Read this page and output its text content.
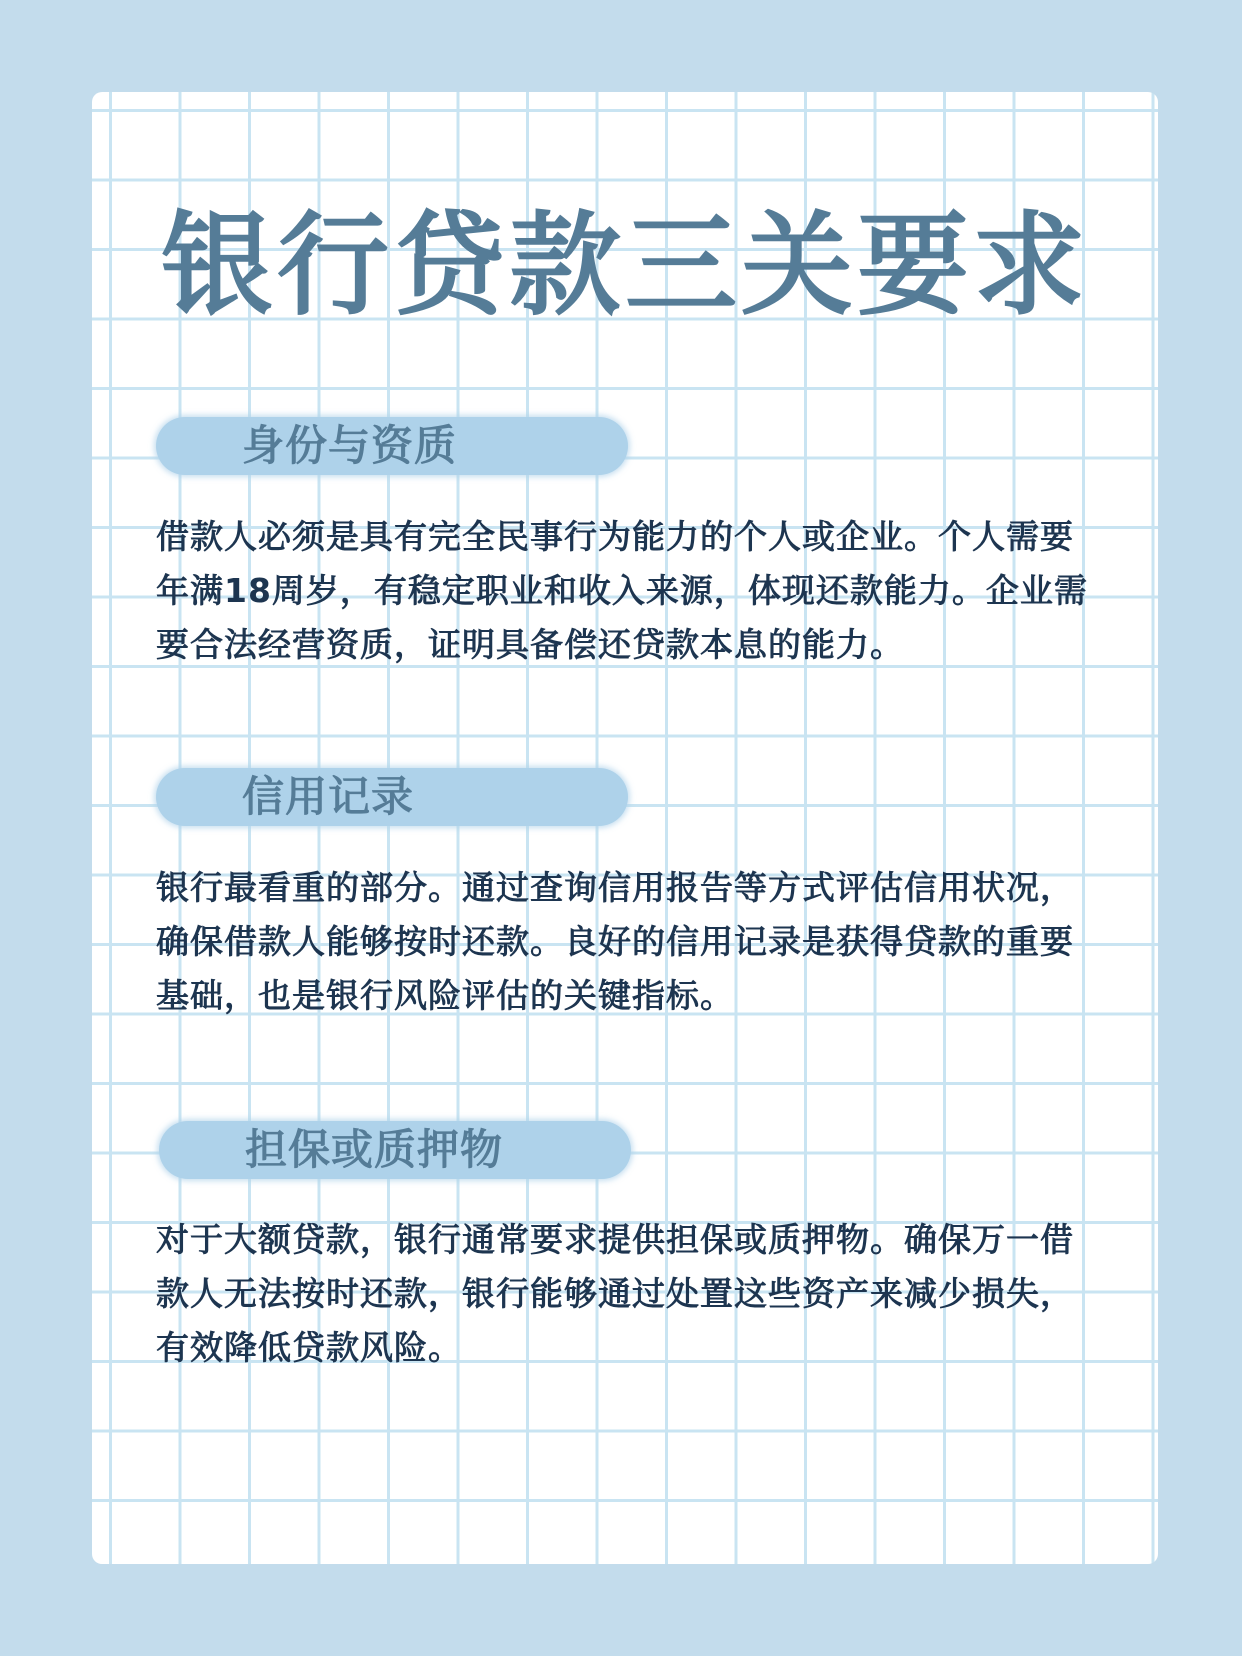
银行贷款三关要求
身份与资质

借款人必须是具有完全民事行为能力的个人或企业。个人需要年满18周岁，有稳定职业和收入来源，体现还款能力。企业需要合法经营资质，证明具备偿还贷款本息的能力。

信用记录

银行最看重的部分。通过查询信用报告等方式评估信用状况，确保借款人能够按时还款。良好的信用记录是获得贷款的重要基础，也是银行风险评估的关键指标。

担保或质押物

对于大额贷款，银行通常要求提供担保或质押物。确保万一借款人无法按时还款，银行能够通过处置这些资产来减少损失，有效降低贷款风险。
